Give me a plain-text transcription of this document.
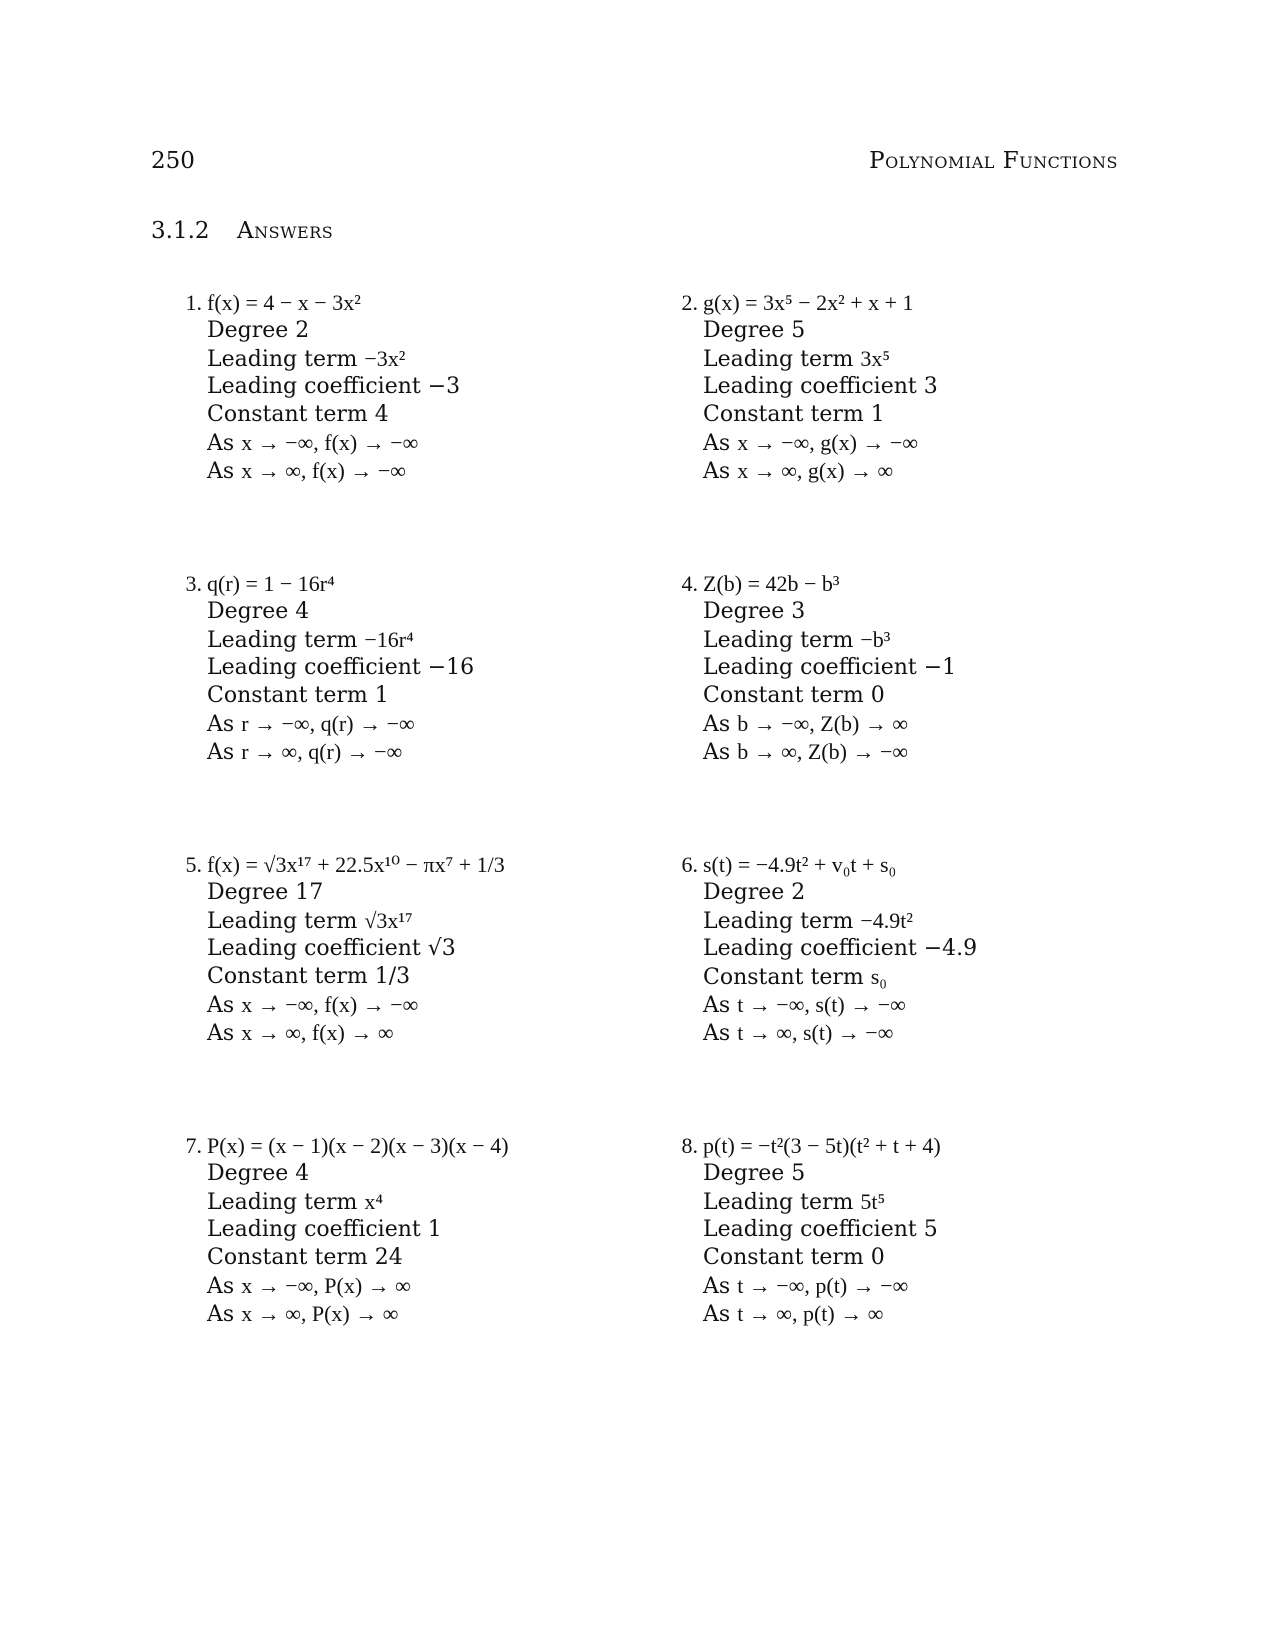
250	Polynomial Functions
3.1.2 Answers
1. f(x) = 4 − x − 3x²
Degree 2
Leading term −3x²
Leading coefficient −3
Constant term 4
As x → −∞, f(x) → −∞
As x → ∞, f(x) → −∞
2. g(x) = 3x⁵ − 2x² + x + 1
Degree 5
Leading term 3x⁵
Leading coefficient 3
Constant term 1
As x → −∞, g(x) → −∞
As x → ∞, g(x) → ∞
3. q(r) = 1 − 16r⁴
Degree 4
Leading term −16r⁴
Leading coefficient −16
Constant term 1
As r → −∞, q(r) → −∞
As r → ∞, q(r) → −∞
4. Z(b) = 42b − b³
Degree 3
Leading term −b³
Leading coefficient −1
Constant term 0
As b → −∞, Z(b) → ∞
As b → ∞, Z(b) → −∞
5. f(x) = √3x¹⁷ + 22.5x¹⁰ − πx⁷ + 1/3
Degree 17
Leading term √3x¹⁷
Leading coefficient √3
Constant term 1/3
As x → −∞, f(x) → −∞
As x → ∞, f(x) → ∞
6. s(t) = −4.9t² + v₀t + s₀
Degree 2
Leading term −4.9t²
Leading coefficient −4.9
Constant term s₀
As t → −∞, s(t) → −∞
As t → ∞, s(t) → −∞
7. P(x) = (x − 1)(x − 2)(x − 3)(x − 4)
Degree 4
Leading term x⁴
Leading coefficient 1
Constant term 24
As x → −∞, P(x) → ∞
As x → ∞, P(x) → ∞
8. p(t) = −t²(3 − 5t)(t² + t + 4)
Degree 5
Leading term 5t⁵
Leading coefficient 5
Constant term 0
As t → −∞, p(t) → −∞
As t → ∞, p(t) → ∞
